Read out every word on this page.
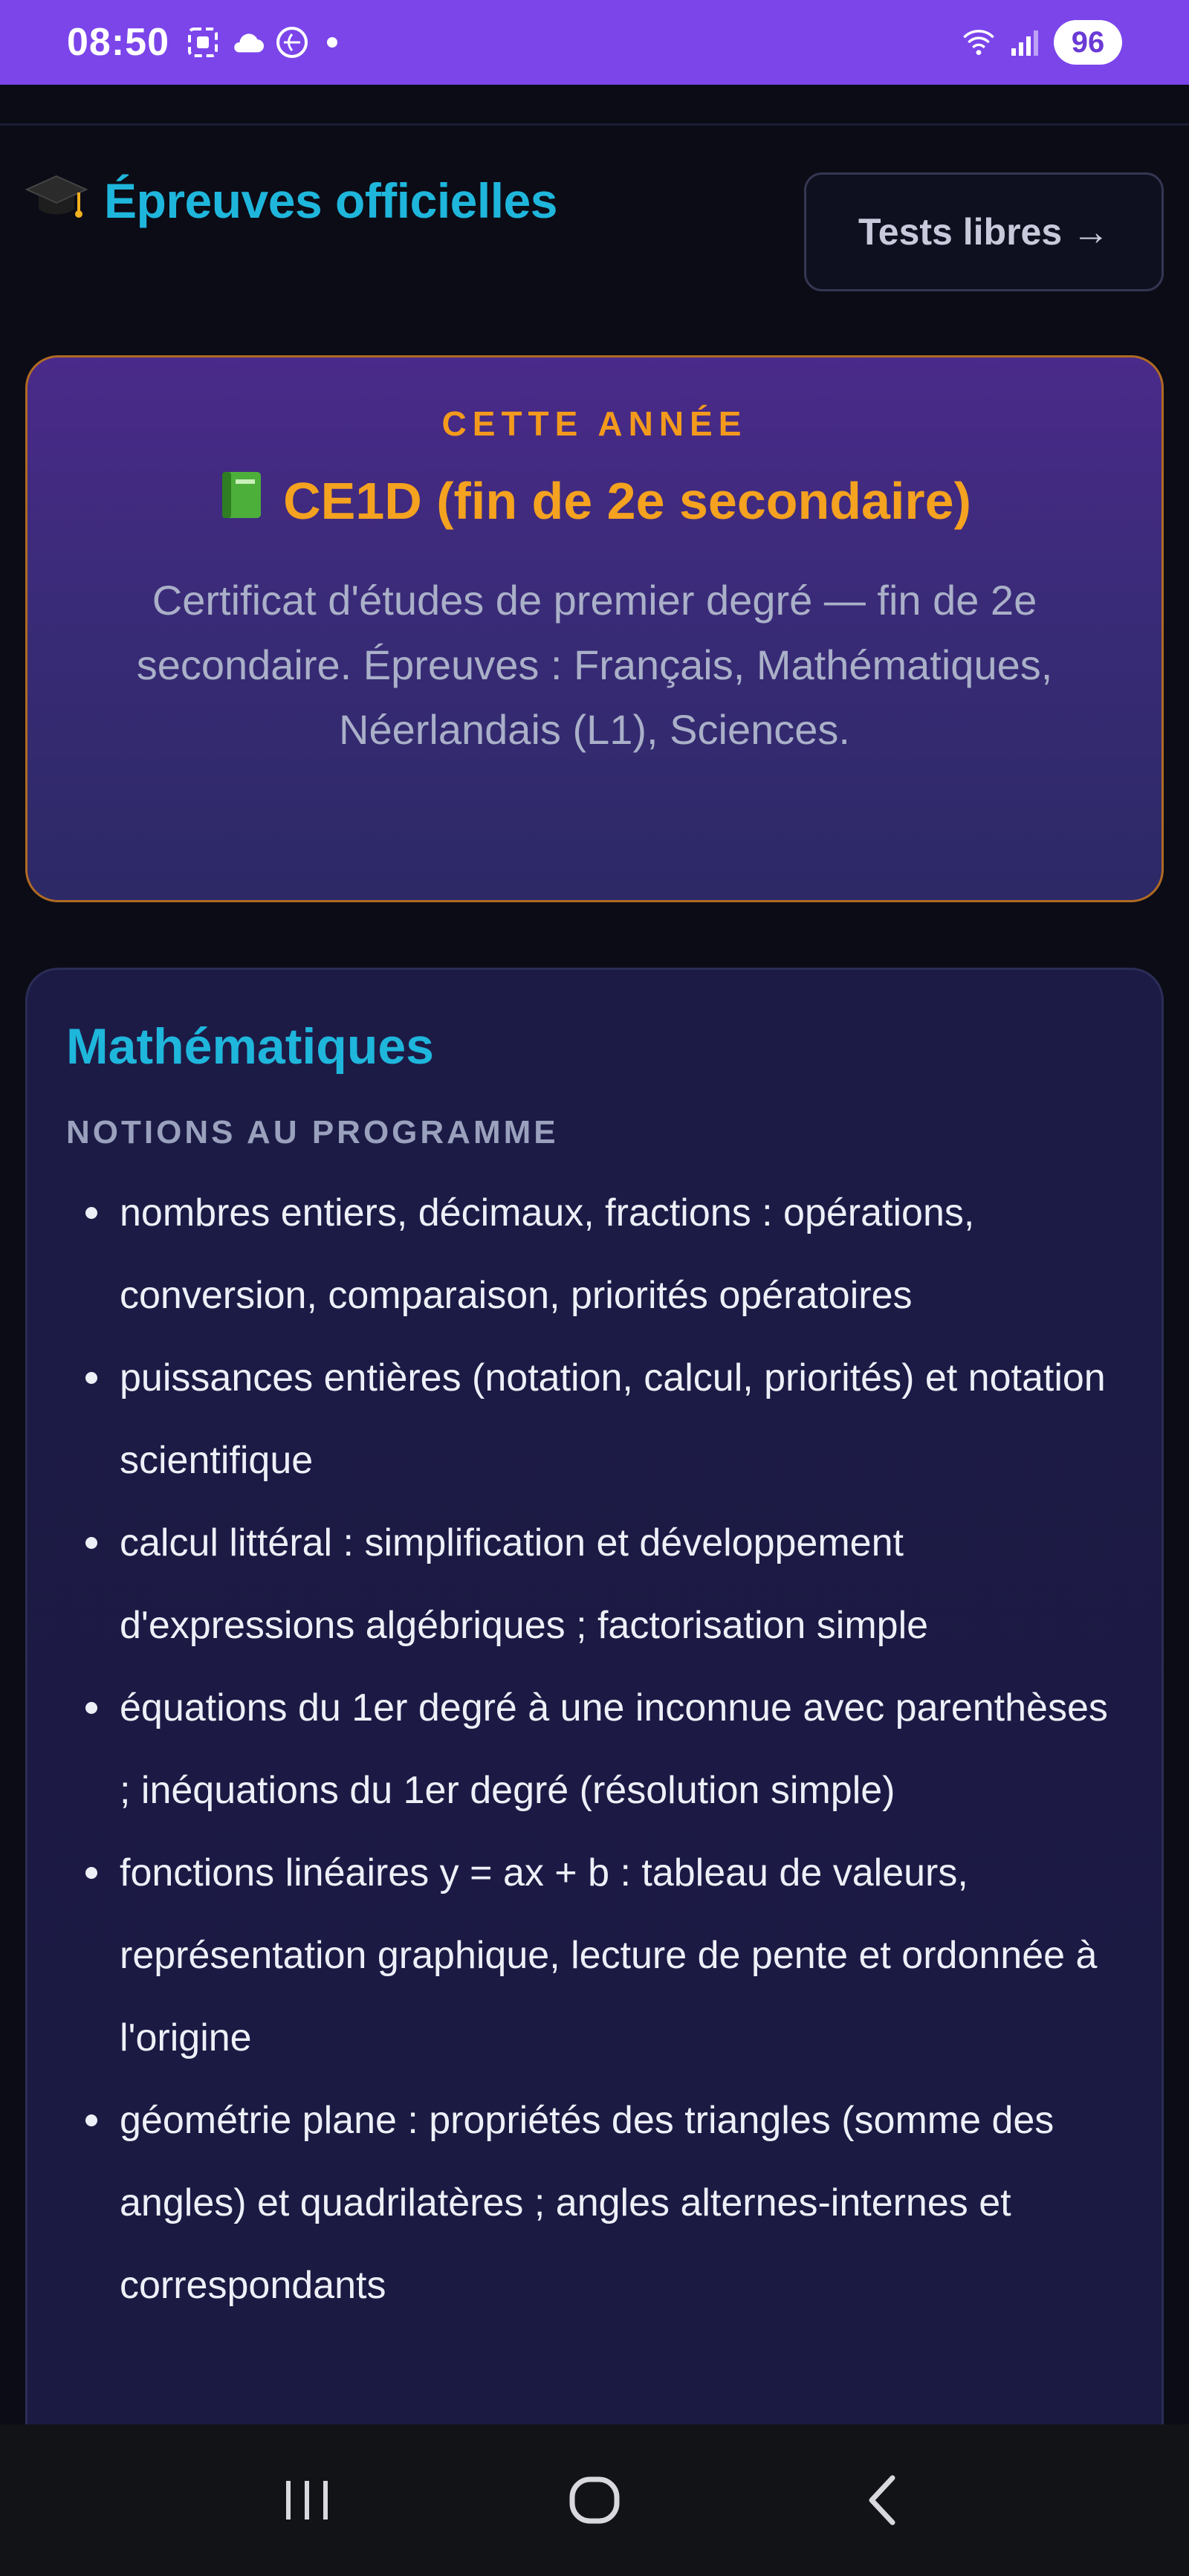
08:50	96
Épreuves officielles
Tests libres →
CETTE ANNÉE
CE1D (fin de 2e secondaire)

Certificat d'études de premier degré — fin de 2e secondaire. Épreuves : Français, Mathématiques, Néerlandais (L1), Sciences.

Mathématiques
NOTIONS AU PROGRAMME
nombres entiers, décimaux, fractions : opérations, conversion, comparaison, priorités opératoires
puissances entières (notation, calcul, priorités) et notation scientifique
calcul littéral : simplification et développement d'expressions algébriques ; factorisation simple
équations du 1er degré à une inconnue avec parenthèses ; inéquations du 1er degré (résolution simple)
fonctions linéaires y = ax + b : tableau de valeurs, représentation graphique, lecture de pente et ordonnée à l'origine
géométrie plane : propriétés des triangles (somme des angles) et quadrilatères ; angles alternes-internes et correspondants
